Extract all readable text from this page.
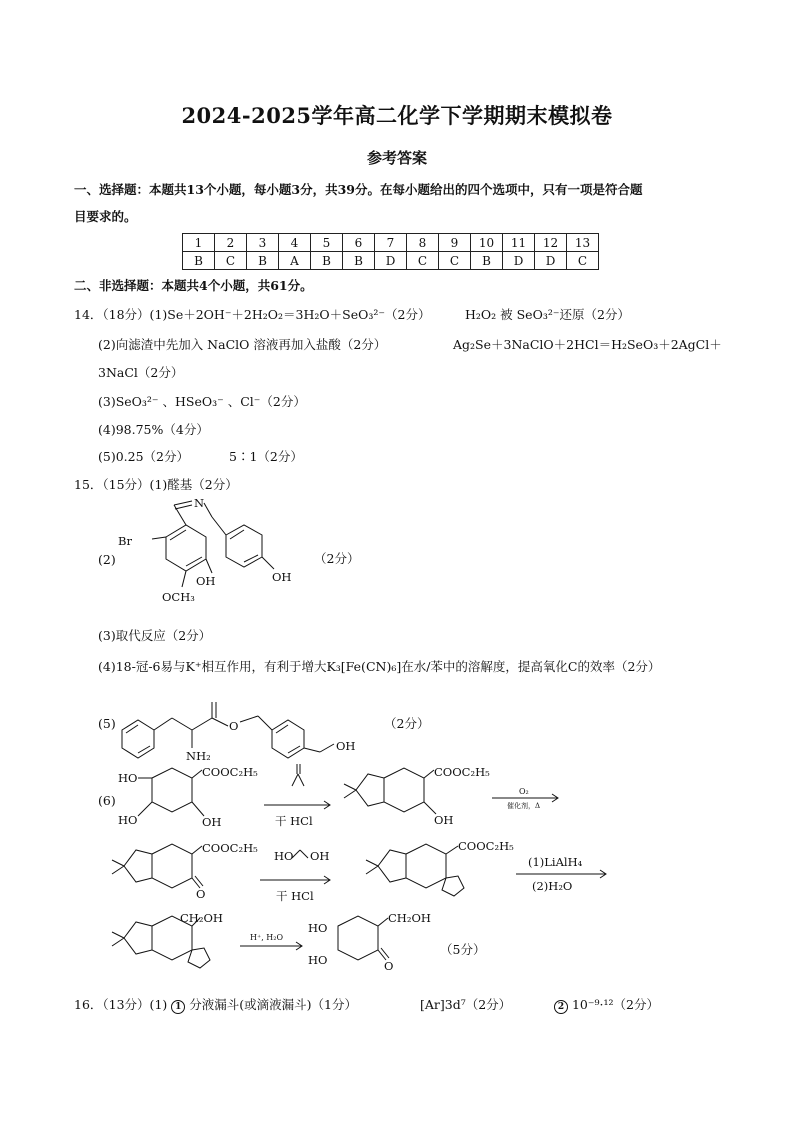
2024-2025学年高二化学下学期期末模拟卷
参考答案
一、选择题：本题共13个小题，每小题3分，共39分。在每小题给出的四个选项中，只有一项是符合题
目要求的。
1	2	3	4	5	6	7	8	9	10	11	12	13
B	C	B	A	B	B	D	C	C	B	D	D	C
二、非选择题：本题共4个小题，共61分。
14．（18分）(1)Se＋2OH⁻＋2H₂O₂＝3H₂O＋SeO₃²⁻（2分）	H₂O₂ 被 SeO₃²⁻还原（2分）
(2)向滤渣中先加入 NaClO 溶液再加入盐酸（2分）	Ag₂Se＋3NaClO＋2HCl＝H₂SeO₃＋2AgCl＋
3NaCl（2分）
(3)SeO₃²⁻ 、HSeO₃⁻ 、Cl⁻（2分）
(4)98.75%（4分）
(5)0.25（2分）	5∶1（2分）
15．（15分）(1)醛基（2分）
(2)
Br
N
OH
OH
OCH₃
（2分）
(3)取代反应（2分）
(4)18-冠-6易与K⁺相互作用，有利于增大K₃[Fe(CN)₆]在水/苯中的溶解度，提高氧化C的效率（2分）
(5)
NH₂
O
OH
（2分）
(6)
HO
HO
COOC₂H₅
OH	干 HCl
COOC₂H₅
OH
O₂
催化剂，Δ
COOC₂H₅
O
HO OH
干 HCl
COOC₂H₅
(1)LiAlH₄
(2)H₂O
CH₂OH
H⁺, H₂O
HO
HO
CH₂OH
O
（5分）
16．（13分）(1) 1 分液漏斗(或滴液漏斗)（1分）	[Ar]3d⁷（2分）	2 10⁻⁹·¹²（2分）
